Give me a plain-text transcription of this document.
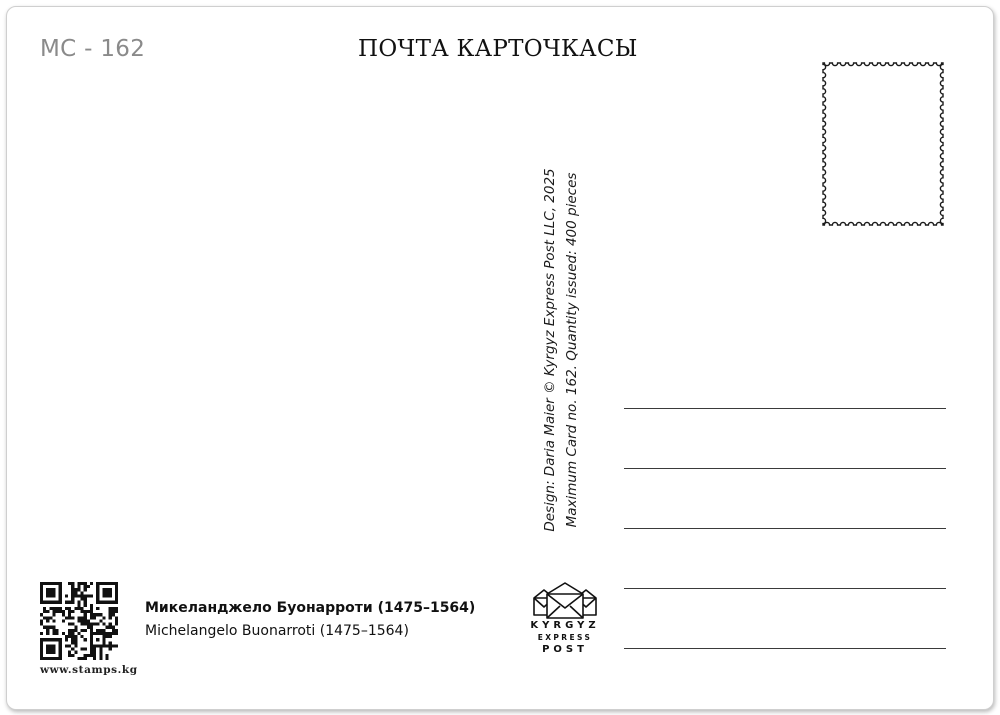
MC - 162	ПОЧТА КАРТОЧКАСЫ
Design: Daria Maier © Kyrgyz Express Post LLC, 2025 Maximum Card no. 162. Quantity issued: 400 pieces
www.stamps.kg
Микеланджело Буонарроти (1475–1564)
Michelangelo Buonarroti (1475–1564)	KYRGYZ
EXPRESS
POST
